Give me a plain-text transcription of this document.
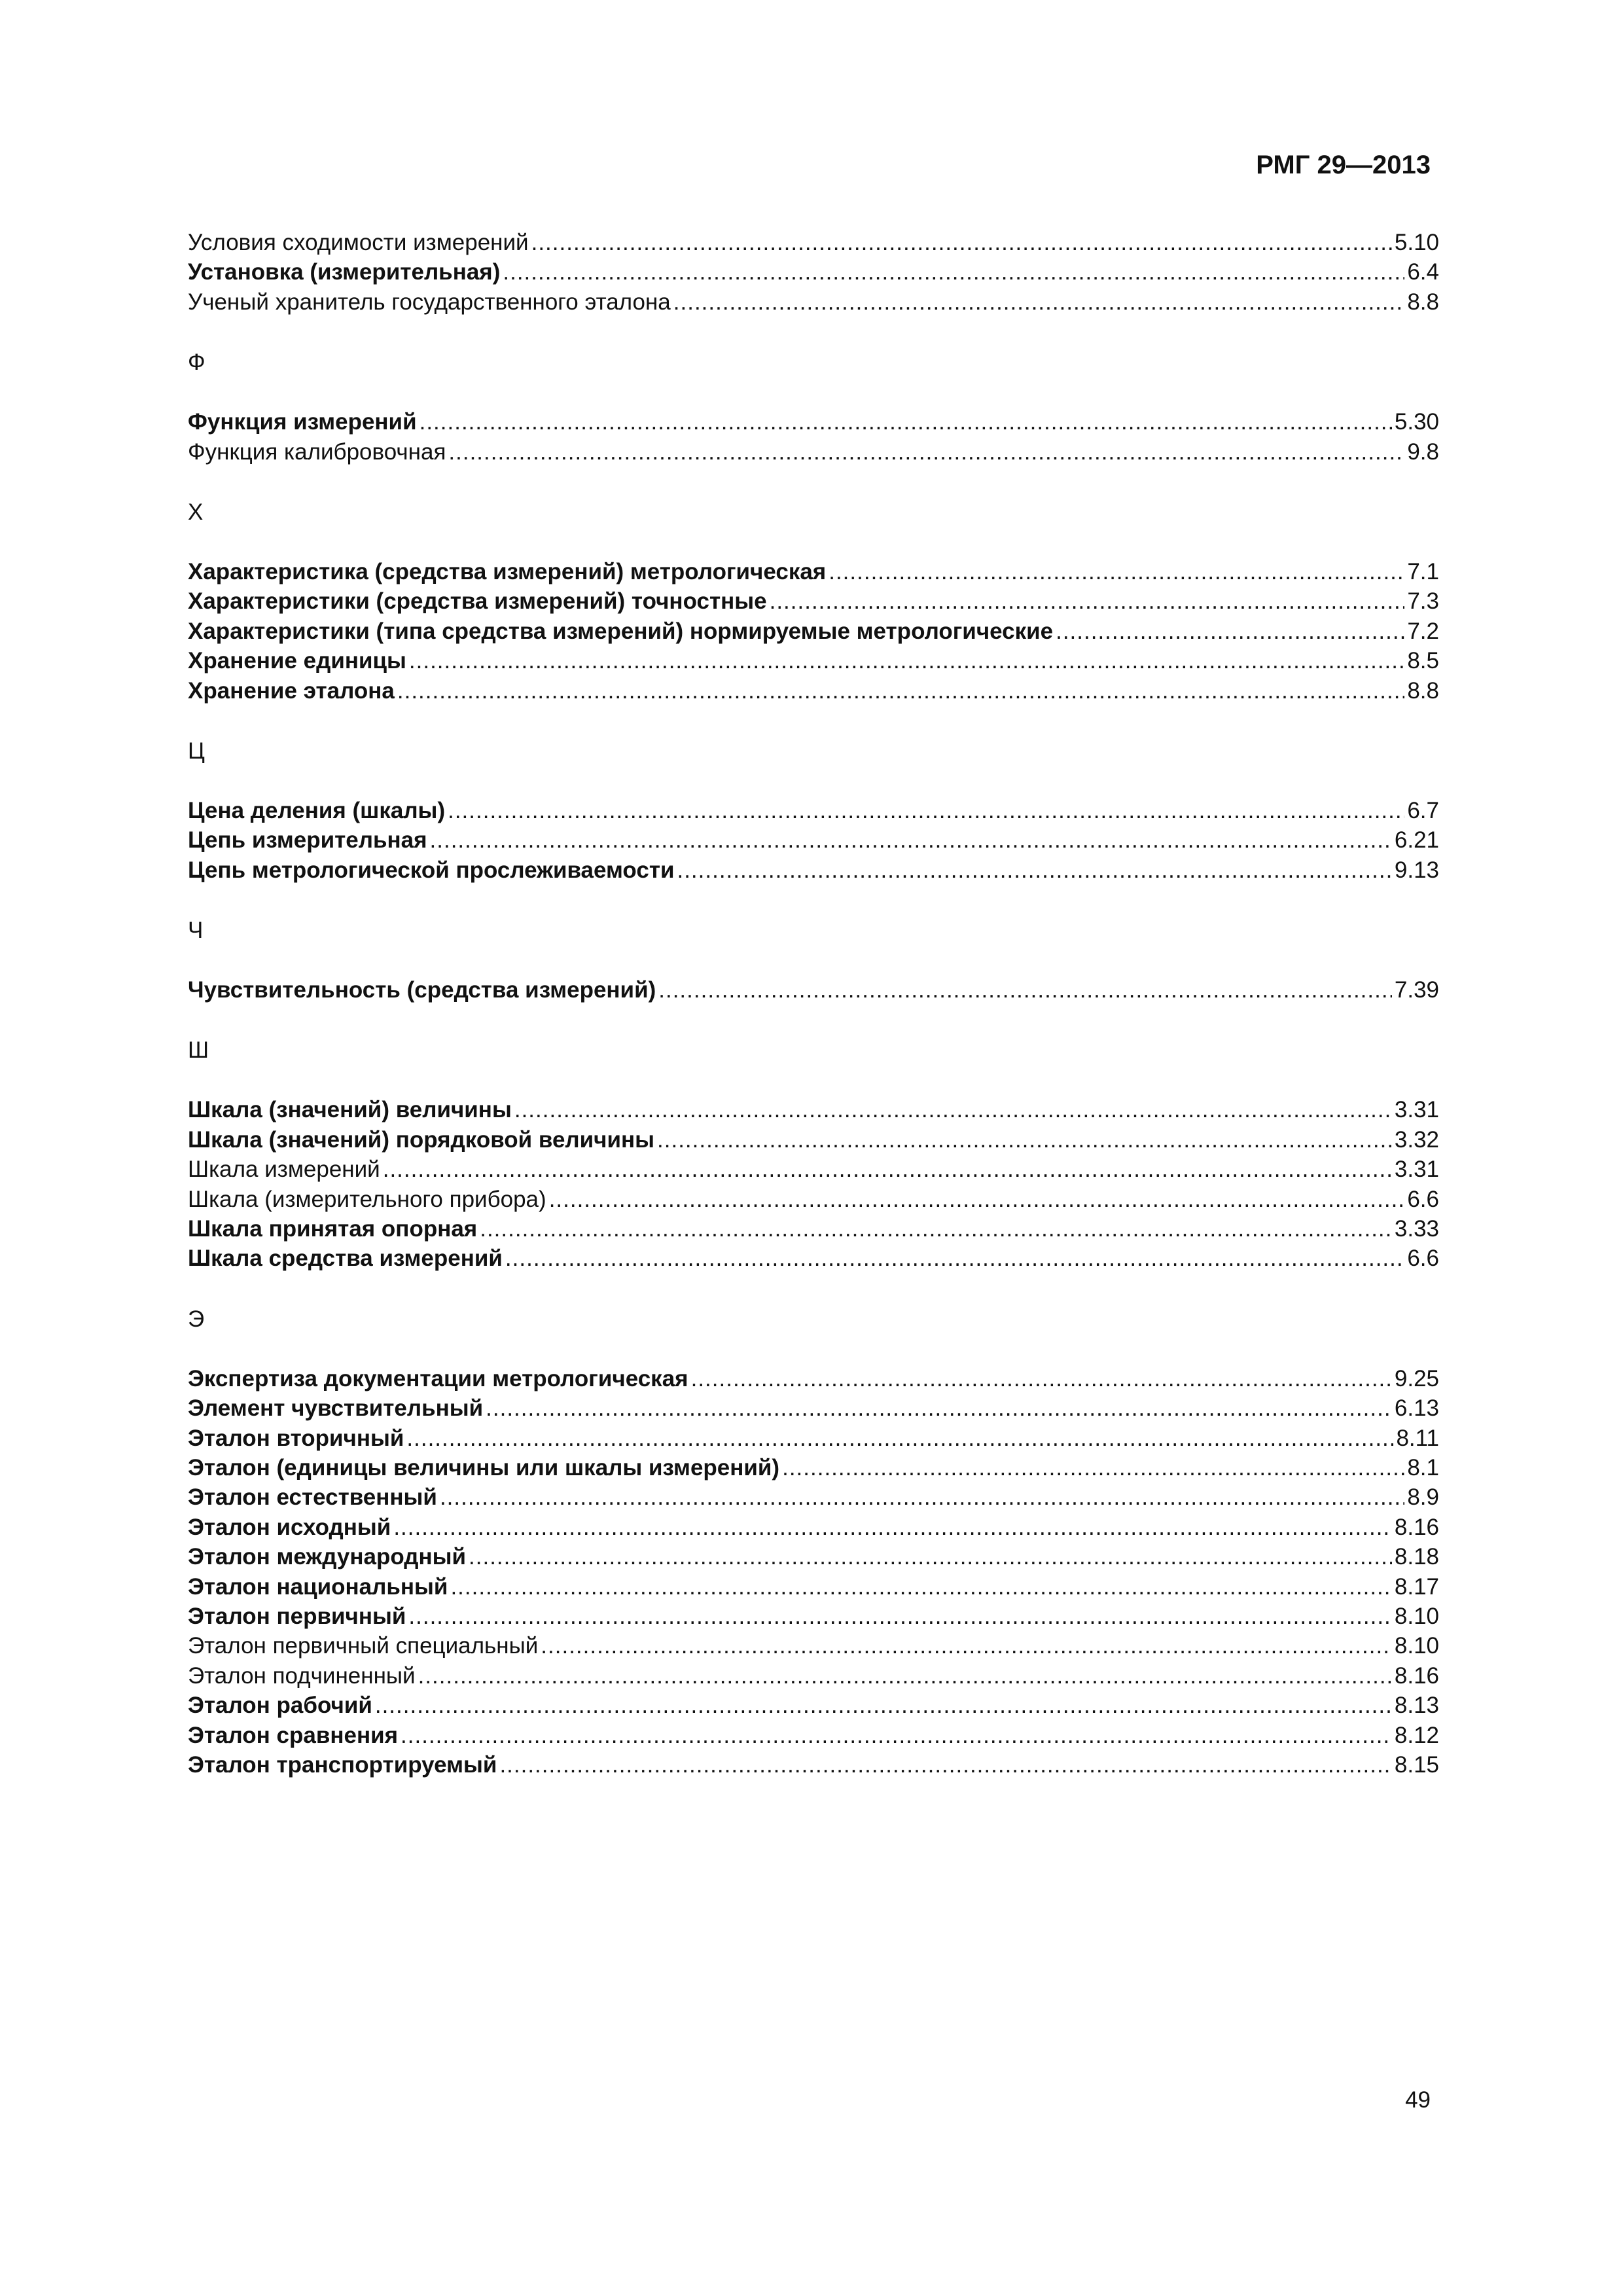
РМГ 29—2013
Условия сходимости измерений .....	5.10
Установка (измерительная) .....	6.4
Ученый хранитель государственного эталона .....	8.8
Ф
Функция измерений .....	5.30
Функция калибровочная .....	9.8
Х
Характеристика (средства измерений) метрологическая .....	7.1
Характеристики (средства измерений) точностные .....	7.3
Характеристики (типа средства измерений) нормируемые метрологические .....	7.2
Хранение единицы .....	8.5
Хранение эталона .....	8.8
Ц
Цена деления (шкалы) .....	6.7
Цепь измерительная .....	6.21
Цепь метрологической прослеживаемости .....	9.13
Ч
Чувствительность (средства измерений) .....	7.39
Ш
Шкала (значений) величины .....	3.31
Шкала (значений) порядковой величины .....	3.32
Шкала измерений .....	3.31
Шкала (измерительного прибора) .....	6.6
Шкала принятая опорная .....	3.33
Шкала средства измерений .....	6.6
Э
Экспертиза документации метрологическая .....	9.25
Элемент чувствительный .....	6.13
Эталон вторичный .....	8.11
Эталон (единицы величины или шкалы измерений) .....	8.1
Эталон естественный .....	8.9
Эталон исходный .....	8.16
Эталон международный .....	8.18
Эталон национальный .....	8.17
Эталон первичный .....	8.10
Эталон первичный специальный .....	8.10
Эталон подчиненный .....	8.16
Эталон рабочий .....	8.13
Эталон сравнения .....	8.12
Эталон транспортируемый .....	8.15
49
